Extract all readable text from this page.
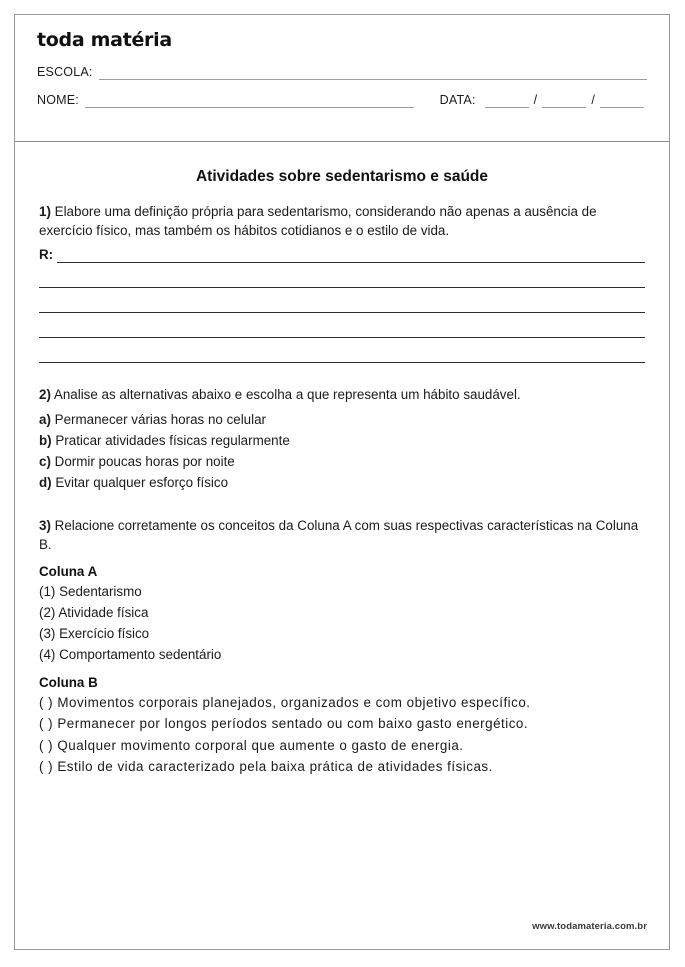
toda matéria
ESCOLA:
NOME:	DATA:	/	/
Atividades sobre sedentarismo e saúde

1) Elabore uma definição própria para sedentarismo, considerando não apenas a ausência de exercício físico, mas também os hábitos cotidianos e o estilo de vida.

R:

2) Analise as alternativas abaixo e escolha a que representa um hábito saudável.

a) Permanecer várias horas no celular
b) Praticar atividades físicas regularmente
c) Dormir poucas horas por noite
d) Evitar qualquer esforço físico

3) Relacione corretamente os conceitos da Coluna A com suas respectivas características na Coluna B.

Coluna A
(1) Sedentarismo
(2) Atividade física
(3) Exercício físico
(4) Comportamento sedentário
Coluna B
( ) Movimentos corporais planejados, organizados e com objetivo específico.
( ) Permanecer por longos períodos sentado ou com baixo gasto energético.
( ) Qualquer movimento corporal que aumente o gasto de energia.
( ) Estilo de vida caracterizado pela baixa prática de atividades físicas.
www.todamateria.com.br
